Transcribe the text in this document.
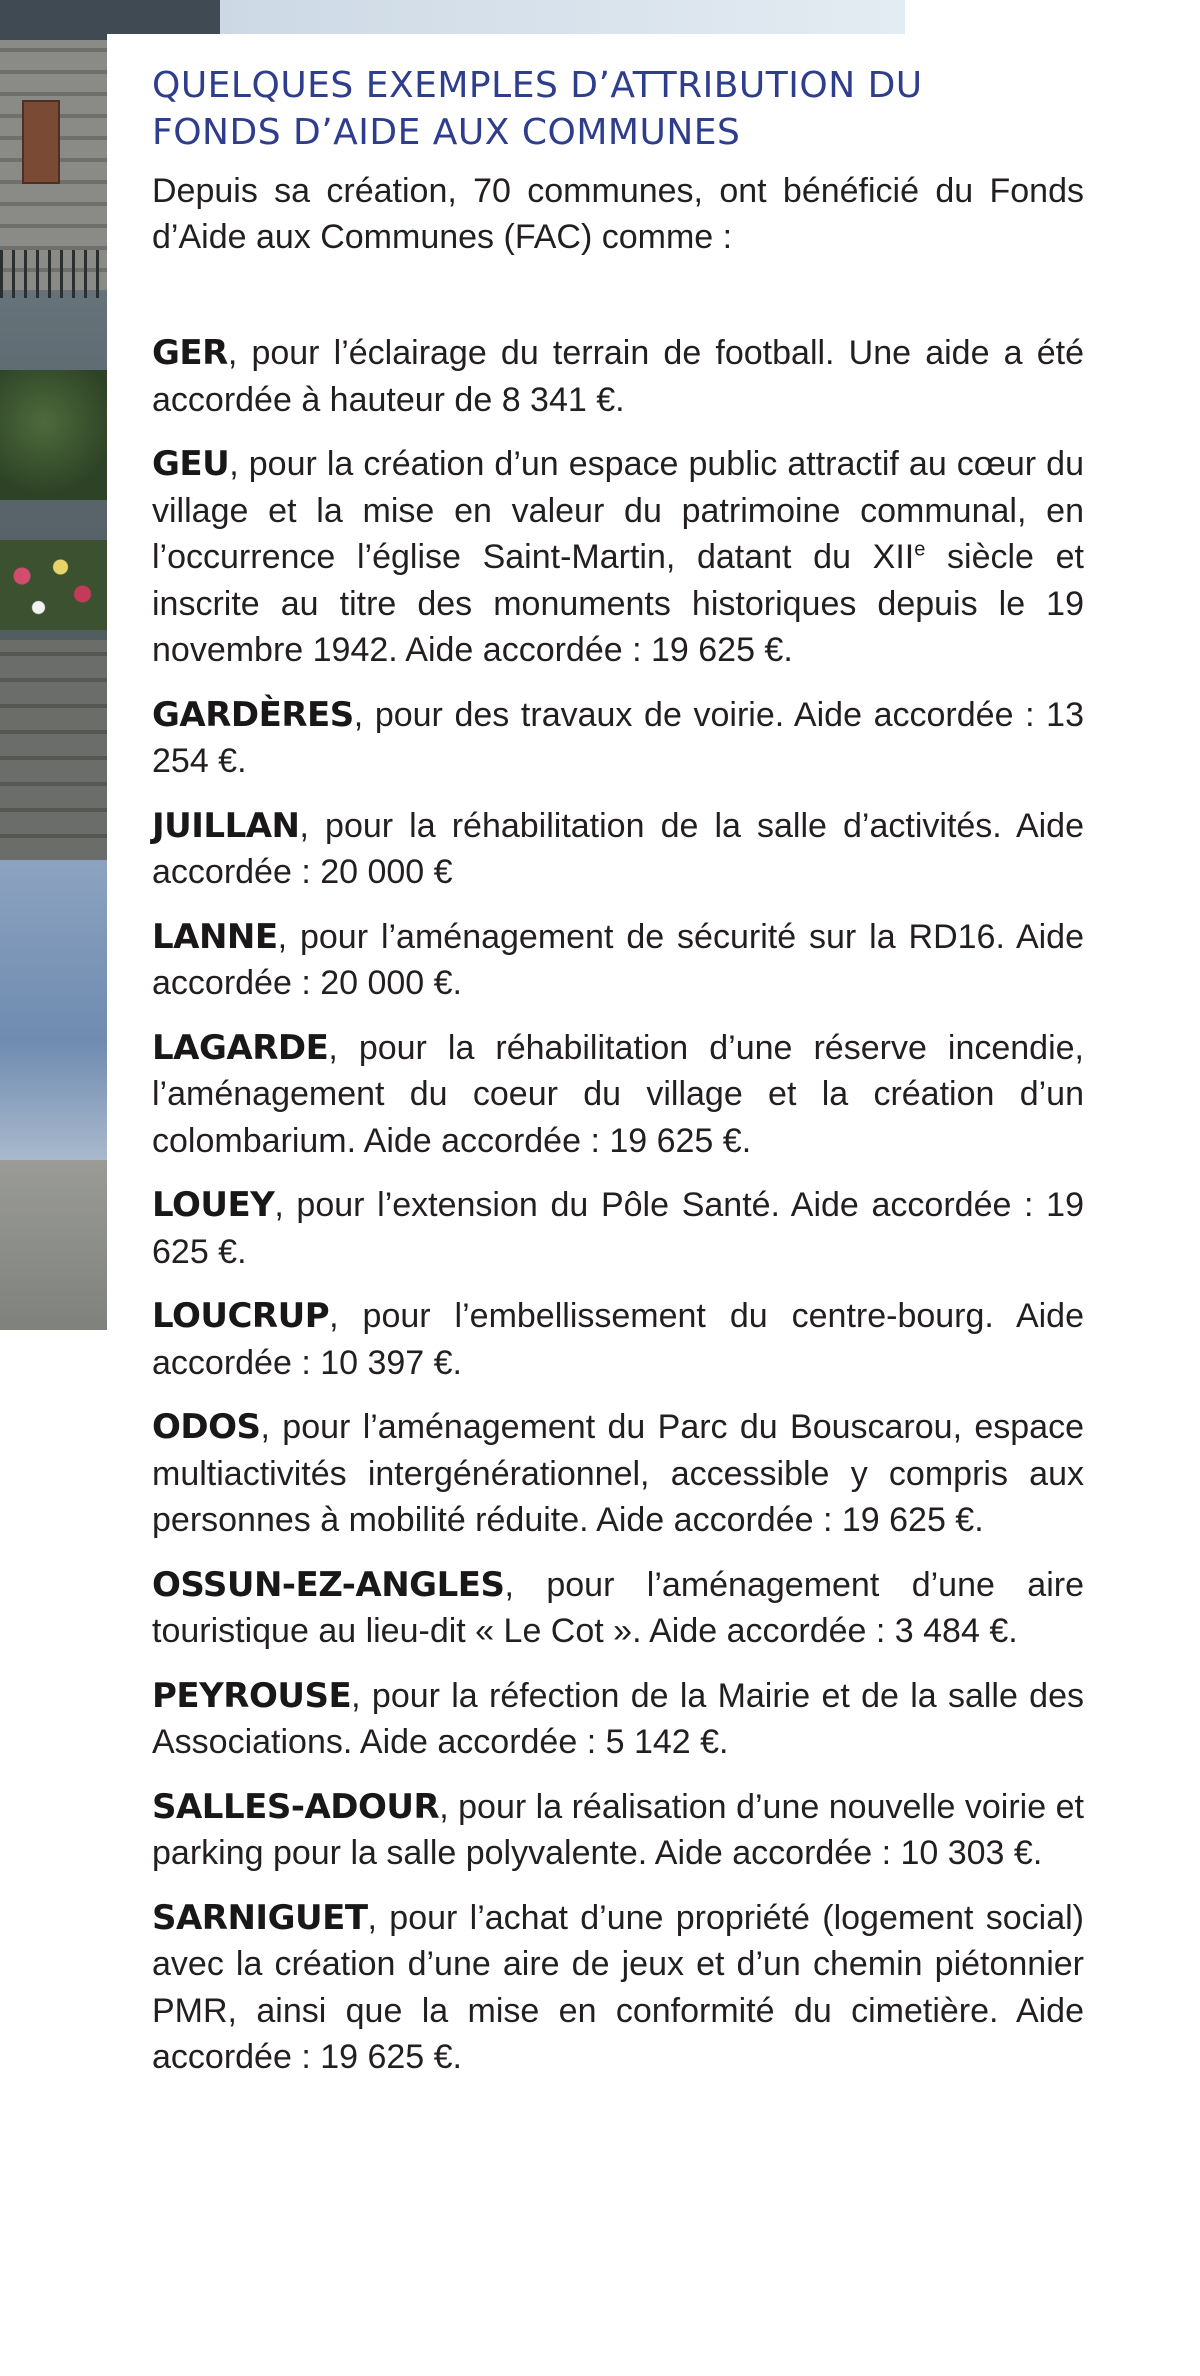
QUELQUES EXEMPLES D’ATTRIBUTION DU
FONDS D’AIDE AUX COMMUNES

Depuis sa création, 70 communes, ont bénéficié du Fonds d’Aide aux Communes (FAC) comme :

GER, pour l’éclairage du terrain de football. Une aide a été accordée à hauteur de 8 341 €.
GEU, pour la création d’un espace public attractif au cœur du village et la mise en valeur du patrimoine communal, en l’occurrence l’église Saint-Martin, datant du XIIe siècle et inscrite au titre des monuments historiques depuis le 19 novembre 1942. Aide accordée : 19 625 €.
GARDÈRES, pour des travaux de voirie. Aide accordée : 13 254 €.
JUILLAN, pour la réhabilitation de la salle d’activités. Aide accordée : 20 000 €
LANNE, pour l’aménagement de sécurité sur la RD16. Aide accordée : 20 000 €.
LAGARDE, pour la réhabilitation d’une réserve incendie, l’aménagement du coeur du village et la création d’un colombarium. Aide accordée : 19 625 €.
LOUEY, pour l’extension du Pôle Santé. Aide accordée : 19 625 €.
LOUCRUP, pour l’embellissement du centre-bourg. Aide accordée : 10 397 €.
ODOS, pour l’aménagement du Parc du Bouscarou, espace multiactivités intergénérationnel, accessible y compris aux personnes à mobilité réduite. Aide accordée : 19 625 €.
OSSUN-EZ-ANGLES, pour l’aménagement d’une aire touristique au lieu-dit « Le Cot ». Aide accordée : 3 484 €.
PEYROUSE, pour la réfection de la Mairie et de la salle des Associations. Aide accordée : 5 142 €.
SALLES-ADOUR, pour la réalisation d’une nouvelle voirie et parking pour la salle polyvalente. Aide accordée : 10 303 €.
SARNIGUET, pour l’achat d’une propriété (logement social) avec la création d’une aire de jeux et d’un chemin piétonnier PMR, ainsi que la mise en conformité du cimetière. Aide accordée : 19 625 €.
